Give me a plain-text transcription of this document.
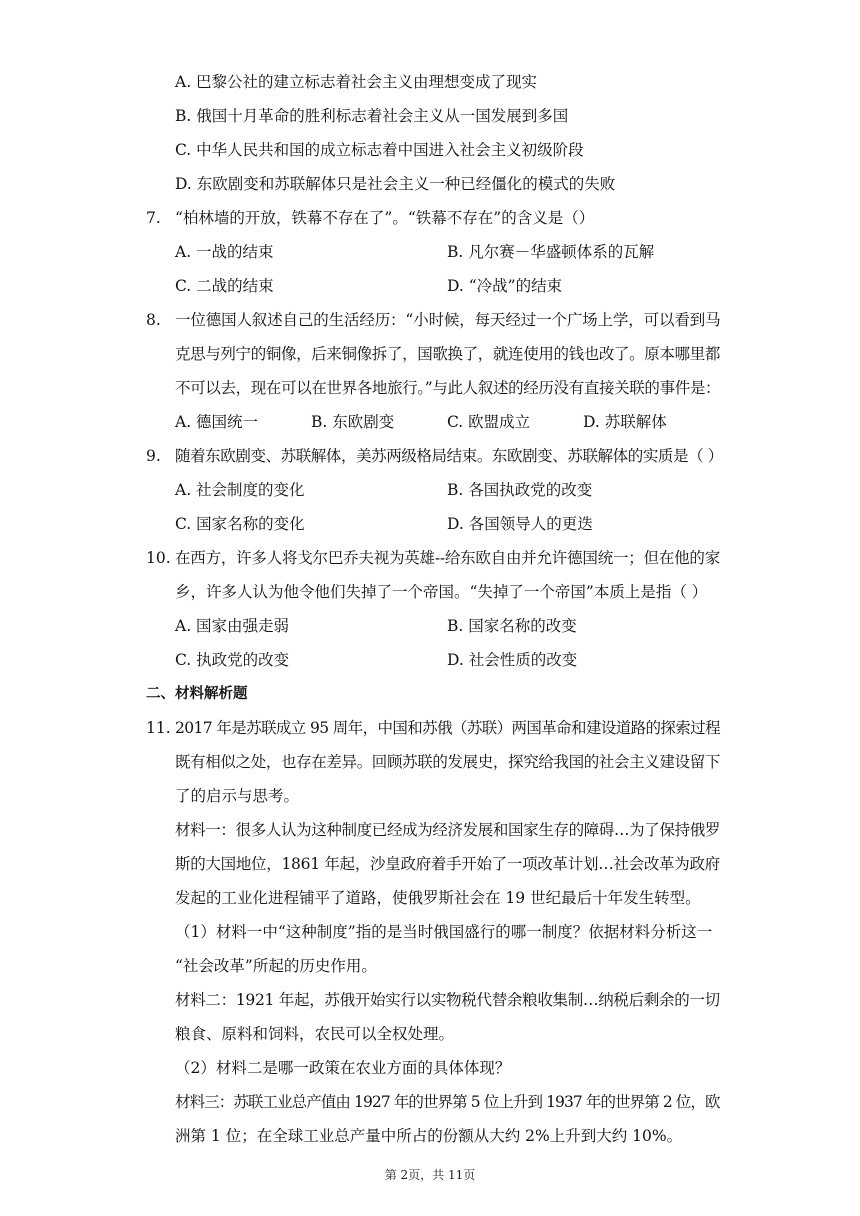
A. 巴黎公社的建立标志着社会主义由理想变成了现实
B. 俄国十月革命的胜利标志着社会主义从一国发展到多国
C. 中华人民共和国的成立标志着中国进入社会主义初级阶段
D. 东欧剧变和苏联解体只是社会主义一种已经僵化的模式的失败
7. “柏林墙的开放，铁幕不存在了”。“铁幕不存在”的含义是（）
A. 一战的结束	B. 凡尔赛－华盛顿体系的瓦解
C. 二战的结束	D. “冷战”的结束
8. 一位德国人叙述自己的生活经历：“小时候，每天经过一个广场上学，可以看到马
克思与列宁的铜像，后来铜像拆了，国歌换了，就连使用的钱也改了。原本哪里都
不可以去，现在可以在世界各地旅行。”与此人叙述的经历没有直接关联的事件是：
A. 德国统一	B. 东欧剧变	C. 欧盟成立	D. 苏联解体
9. 随着东欧剧变、苏联解体，美苏两级格局结束。东欧剧变、苏联解体的实质是（ ）
A. 社会制度的变化	B. 各国执政党的改变
C. 国家名称的变化	D. 各国领导人的更迭
10. 在西方，许多人将戈尔巴乔夫视为英雄--给东欧自由并允许德国统一；但在他的家
乡，许多人认为他令他们失掉了一个帝国。“失掉了一个帝国”本质上是指（ ）
A. 国家由强走弱	B. 国家名称的改变
C. 执政党的改变	D. 社会性质的改变
二、材料解析题
11. 2017 年是苏联成立 95 周年，中国和苏俄（苏联）两国革命和建设道路的探索过程
既有相似之处，也存在差异。回顾苏联的发展史，探究给我国的社会主义建设留下
了的启示与思考。
材料一：很多人认为这种制度已经成为经济发展和国家生存的障碍…为了保持俄罗
斯的大国地位，1861 年起，沙皇政府着手开始了一项改革计划…社会改革为政府
发起的工业化进程铺平了道路，使俄罗斯社会在 19 世纪最后十年发生转型。
（1）材料一中“这种制度”指的是当时俄国盛行的哪一制度？依据材料分析这一
“社会改革”所起的历史作用。
材料二：1921 年起，苏俄开始实行以实物税代替余粮收集制…纳税后剩余的一切
粮食、原料和饲料，农民可以全权处理。
（2）材料二是哪一政策在农业方面的具体体现？
材料三：苏联工业总产值由 1927 年的世界第 5 位上升到 1937 年的世界第 2 位，欧
洲第 1 位；在全球工业总产量中所占的份额从大约 2%上升到大约 10%。
第 2页，共 11页
